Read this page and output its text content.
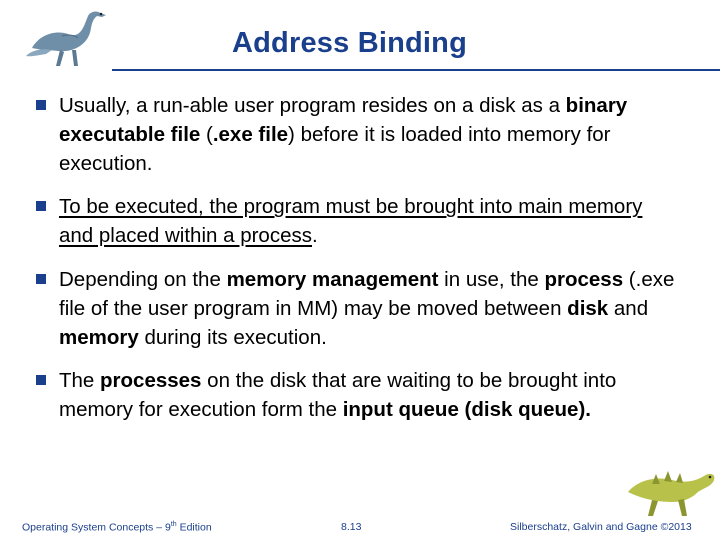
Address Binding
Usually, a run-able user program resides on a disk as a binary executable file (.exe file) before it is loaded into memory for execution.
To be executed, the program must be brought into main memory and placed within a process.
Depending on the memory management in use, the process (.exe file of the user program in MM) may be moved between disk and memory during its execution.
The processes on the disk that are waiting to be brought into memory for execution form the input queue (disk queue).
Operating System Concepts – 9th Edition	8.13	Silberschatz, Galvin and Gagne ©2013
